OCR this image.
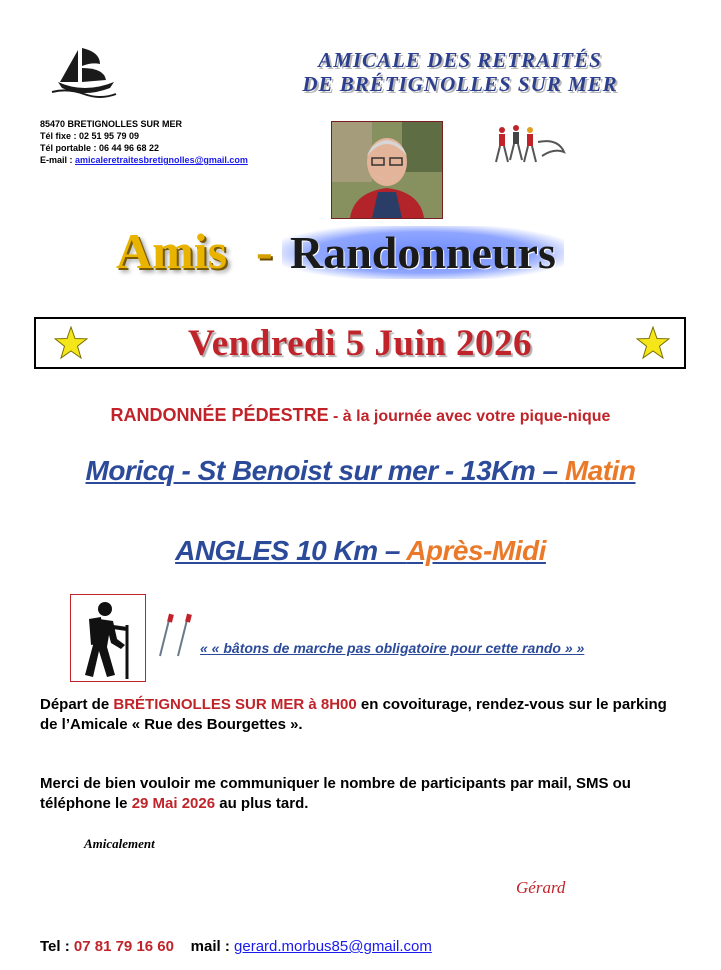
AMICALE DES RETRAITÉS
DE BRÉTIGNOLLES SUR MER
85470 BRETIGNOLLES SUR MER
Tél fixe : 02 51 95 79 09
Tél portable : 06 44 96 68 22
E-mail : amicaleretraitesbretignolles@gmail.com
Amis - Randonneurs
Vendredi 5 Juin 2026
RANDONNÉE PÉDESTRE - à la journée avec votre pique-nique
Moricq - St Benoist sur mer - 13Km – Matin
ANGLES 10 Km – Après-Midi
« « bâtons de marche pas obligatoire pour cette rando » »
Départ de BRÉTIGNOLLES SUR MER à 8H00 en covoiturage, rendez-vous sur le parking de l’Amicale « Rue des Bourgettes ».
Merci de bien vouloir me communiquer le nombre de participants par mail, SMS ou téléphone le 29 Mai 2026 au plus tard.
Amicalement
Gérard
Tel : 07 81 79 16 60 mail : gerard.morbus85@gmail.com
